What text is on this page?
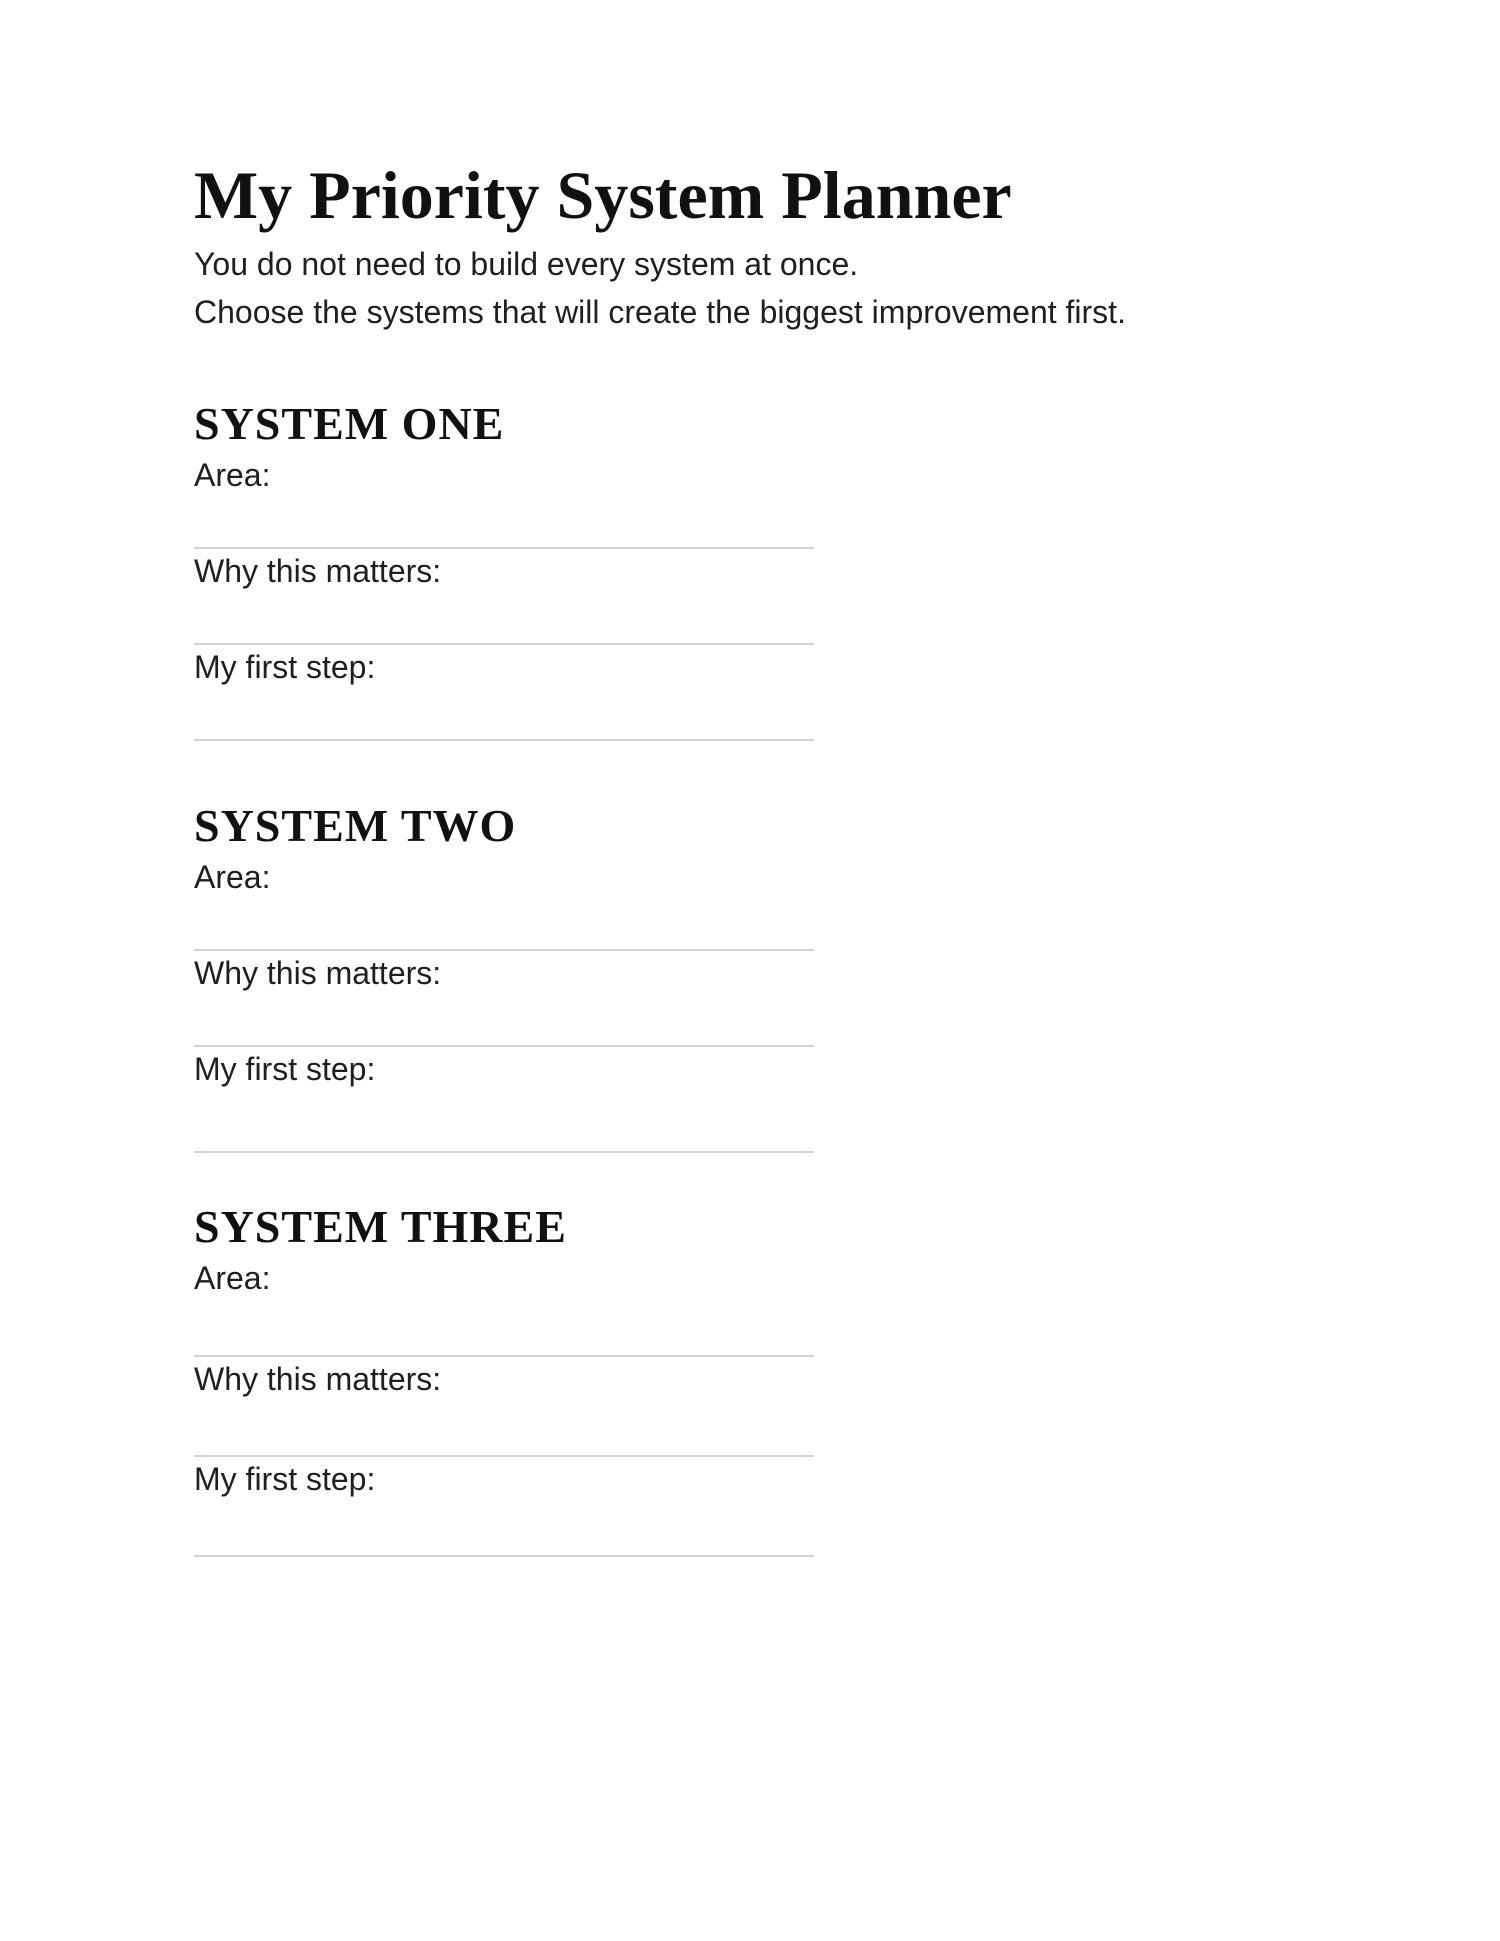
My Priority System Planner

You do not need to build every system at once.

Choose the systems that will create the biggest improvement first.

SYSTEM ONE
Area:
Why this matters:
My first step:
SYSTEM TWO
Area:
Why this matters:
My first step:
SYSTEM THREE
Area:
Why this matters:
My first step:
